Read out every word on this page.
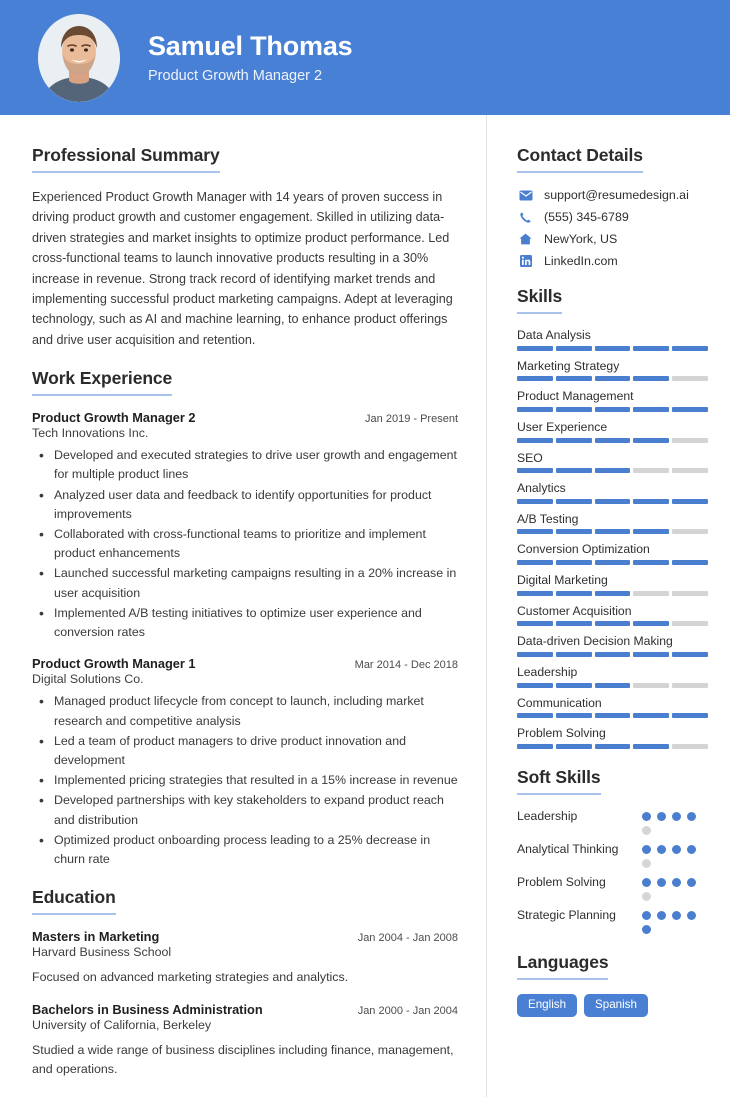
Samuel Thomas
Product Growth Manager 2
Professional Summary
Experienced Product Growth Manager with 14 years of proven success in driving product growth and customer engagement. Skilled in utilizing data-driven strategies and market insights to optimize product performance. Led cross-functional teams to launch innovative products resulting in a 30% increase in revenue. Strong track record of identifying market trends and implementing successful product marketing campaigns. Adept at leveraging technology, such as AI and machine learning, to enhance product offerings and drive user acquisition and retention.
Work Experience
Product Growth Manager 2	Jan 2019 - Present
Tech Innovations Inc.
• Developed and executed strategies to drive user growth and engagement for multiple product lines
• Analyzed user data and feedback to identify opportunities for product improvements
• Collaborated with cross-functional teams to prioritize and implement product enhancements
• Launched successful marketing campaigns resulting in a 20% increase in user acquisition
• Implemented A/B testing initiatives to optimize user experience and conversion rates
Product Growth Manager 1	Mar 2014 - Dec 2018
Digital Solutions Co.
• Managed product lifecycle from concept to launch, including market research and competitive analysis
• Led a team of product managers to drive product innovation and development
• Implemented pricing strategies that resulted in a 15% increase in revenue
• Developed partnerships with key stakeholders to expand product reach and distribution
• Optimized product onboarding process leading to a 25% decrease in churn rate
Education
Masters in Marketing	Jan 2004 - Jan 2008
Harvard Business School
Focused on advanced marketing strategies and analytics.
Bachelors in Business Administration	Jan 2000 - Jan 2004
University of California, Berkeley
Studied a wide range of business disciplines including finance, management, and operations.
Contact Details
support@resumedesign.ai
(555) 345-6789
NewYork, US
LinkedIn.com
Skills
Data Analysis
Marketing Strategy
Product Management
User Experience
SEO
Analytics
A/B Testing
Conversion Optimization
Digital Marketing
Customer Acquisition
Data-driven Decision Making
Leadership
Communication
Problem Solving
Soft Skills
Leadership
Analytical Thinking
Problem Solving
Strategic Planning
Languages
English	Spanish
